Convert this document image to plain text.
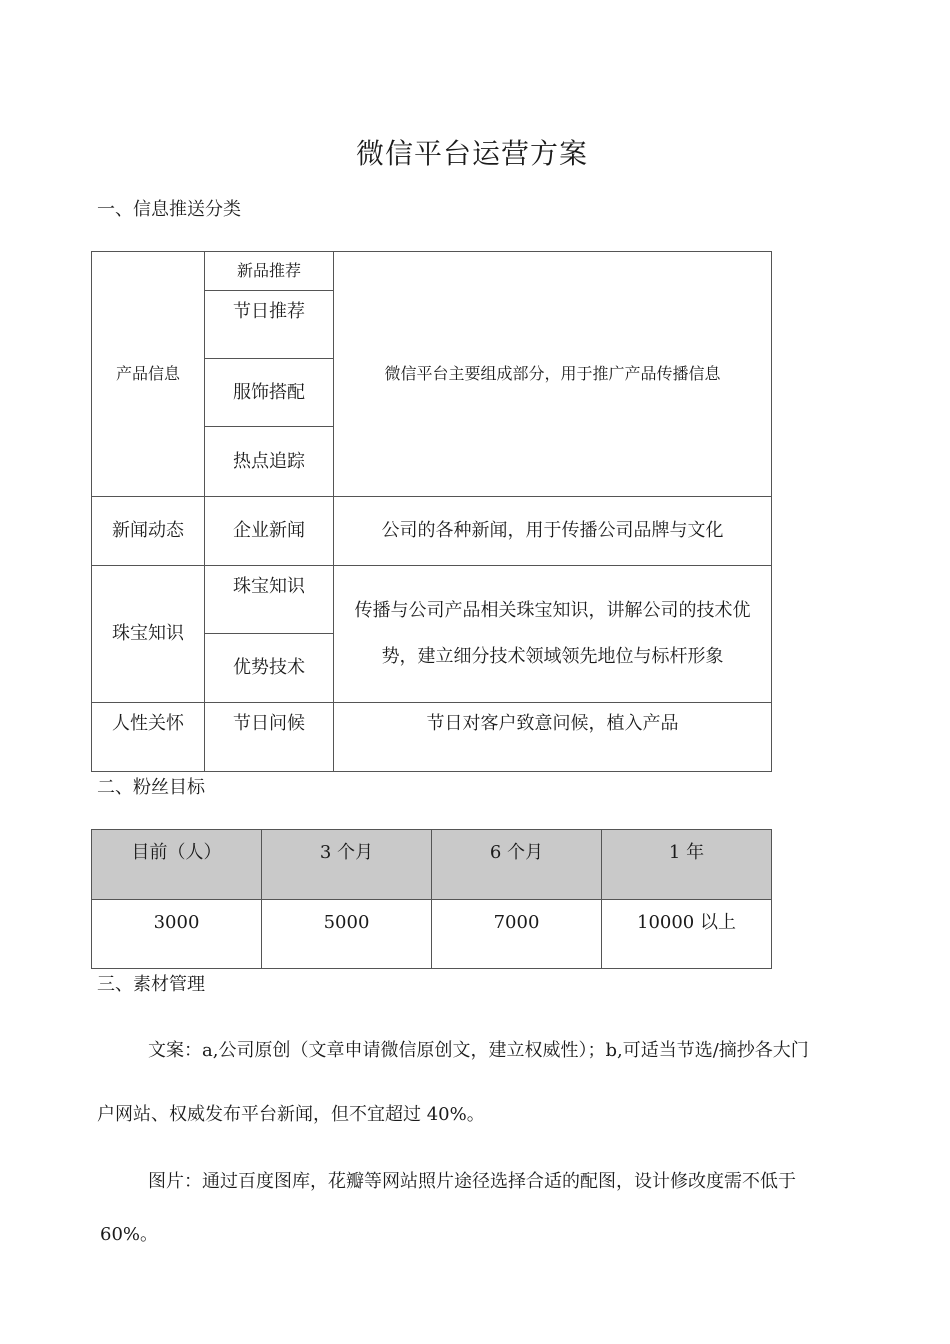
微信平台运营方案
一、信息推送分类
产品信息	新品推荐	微信平台主要组成部分，用于推广产品传播信息
	节日推荐	
	服饰搭配	
	热点追踪	
新闻动态	企业新闻	公司的各种新闻，用于传播公司品牌与文化
珠宝知识	珠宝知识	传播与公司产品相关珠宝知识，讲解公司的技术优势，建立细分技术领域领先地位与标杆形象
	优势技术	
人性关怀	节日问候	节日对客户致意问候，植入产品
二、粉丝目标
目前（人）	3 个月	6 个月	1 年
3000	5000	7000	10000 以上
三、素材管理
文案：a,公司原创（文章申请微信原创文，建立权威性）；b,可适当节选/摘抄各大门
户网站、权威发布平台新闻，但不宜超过 40%。
图片：通过百度图库，花瓣等网站照片途径选择合适的配图，设计修改度需不低于
60%。
